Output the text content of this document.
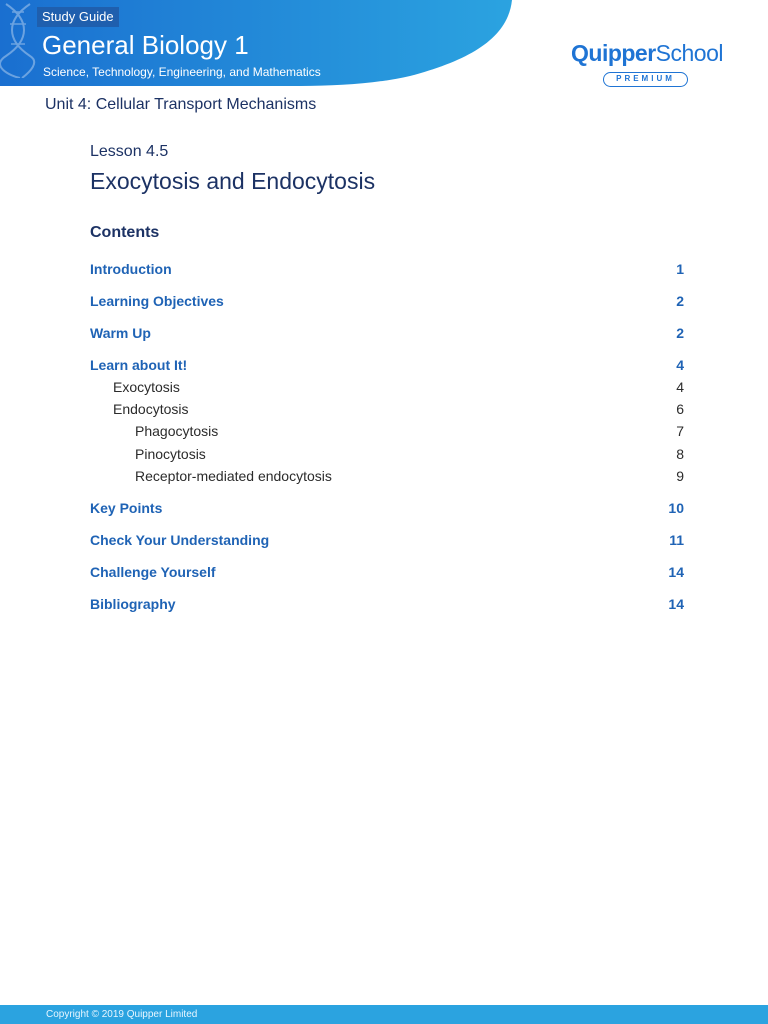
Study Guide
General Biology 1
Science, Technology, Engineering, and Mathematics
QuipperSchool
PREMIUM
Unit 4: Cellular Transport Mechanisms
Lesson 4.5
Exocytosis and Endocytosis
Contents
Introduction	1
Learning Objectives	2
Warm Up	2
Learn about It!	4
Exocytosis	4
Endocytosis	6
Phagocytosis	7
Pinocytosis	8
Receptor-mediated endocytosis	9
Key Points	10
Check Your Understanding	11
Challenge Yourself	14
Bibliography	14
Copyright © 2019 Quipper Limited
